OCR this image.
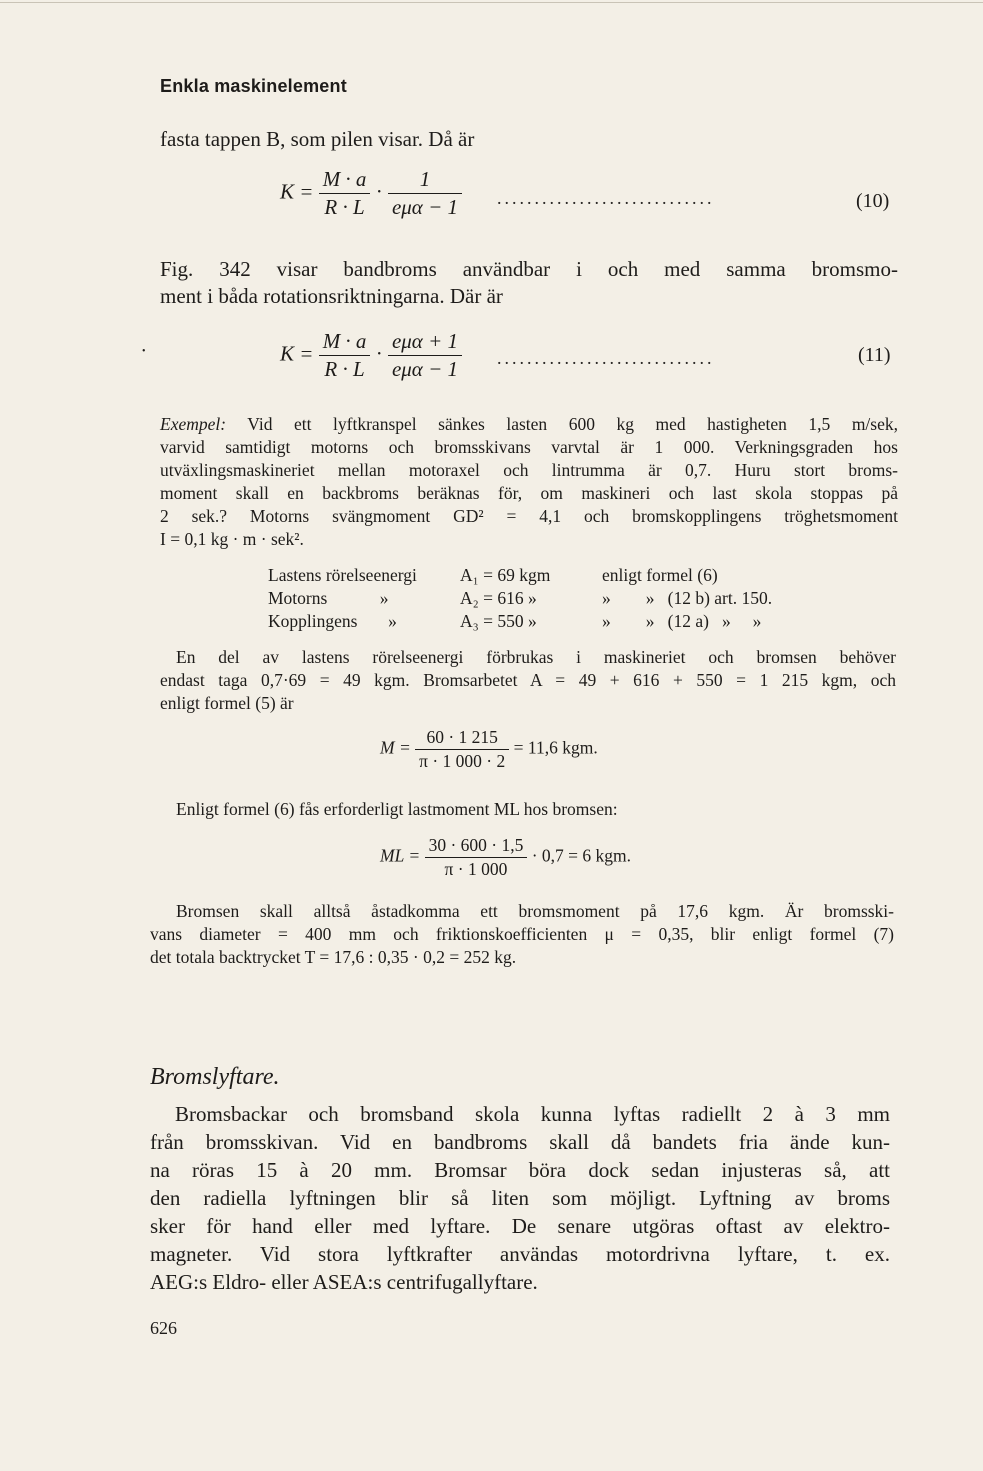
Enkla maskinelement
fasta tappen B, som pilen visar. Då är
$K = \frac{M \cdot a}{R \cdot L} \cdot \frac{1}{\text{eμα − 1}}$ .............................	(10)
Fig. 342 visar bandbroms användbar i och med samma bromsmo-
ment i båda rotationsriktningarna. Där är
•	$K = \frac{M \cdot a}{R \cdot L} \cdot \frac{\text{eμα + 1}}{\text{eμα − 1}}$ .............................	(11)
Exempel: Vid ett lyftkranspel sänkes lasten 600 kg med hastigheten 1,5 m/sek,
varvid samtidigt motorns och bromsskivans varvtal är 1 000. Verkningsgraden hos
utväxlingsmaskineriet mellan motoraxel och lintrumma är 0,7. Huru stort broms-
moment skall en backbroms beräknas för, om maskineri och last skola stoppas på
2 sek.? Motorns svängmoment GD² = 4,1 och bromskopplingens tröghetsmoment
I = 0,1 kg · m · sek².
Lastens rörelseenergi A₁ = 69 kgm	enligt formel (6)
Motorns            »	A₂ = 616 »	»        »   (12 b) art. 150.
Kopplingens       »	A₃ = 550 »	»        »   (12 a)   »     »
En del av lastens rörelseenergi förbrukas i maskineriet och bromsen behöver
endast taga 0,7·69 = 49 kgm. Bromsarbetet A = 49 + 616 + 550 = 1 215 kgm, och
enligt formel (5) är
$M = \frac{60 \cdot 1 215}{\pi \cdot 1 000 \cdot 2} = 11,6$ kgm.
Enligt formel (6) fås erforderligt lastmoment ML hos bromsen:
ML = $\frac{30 \cdot 600 \cdot 1,5}{\pi \cdot 1 000} \cdot 0,7 = 6$ kgm.
Bromsen skall alltså åstadkomma ett bromsmoment på 17,6 kgm. Är bromsski-
vans diameter = 400 mm och friktionskoefficienten μ = 0,35, blir enligt formel (7)
det totala backtrycket T = 17,6 : 0,35 · 0,2 = 252 kg.
Bromslyftare.
Bromsbackar och bromsband skola kunna lyftas radiellt 2 à 3 mm
från bromsskivan. Vid en bandbroms skall då bandets fria ände kun-
na röras 15 à 20 mm. Bromsar böra dock sedan injusteras så, att
den radiella lyftningen blir så liten som möjligt. Lyftning av broms
sker för hand eller med lyftare. De senare utgöras oftast av elektro-
magneter. Vid stora lyftkrafter användas motordrivna lyftare, t. ex.
AEG:s Eldro- eller ASEA:s centrifugallyftare.
626
